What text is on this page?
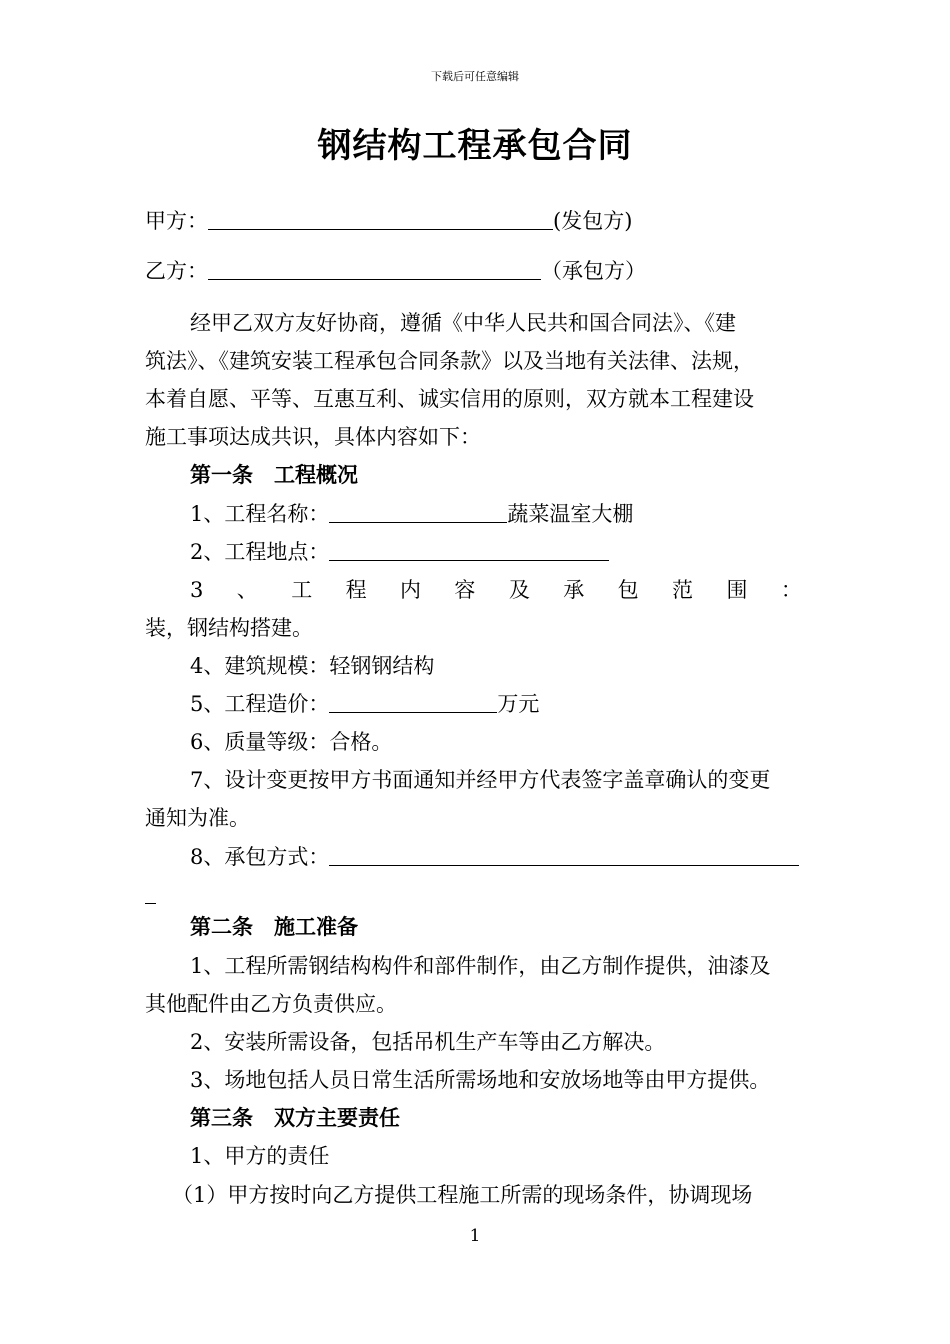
下载后可任意编辑
钢结构工程承包合同
甲方：	(发包方)
乙方：	（承包方）
经甲乙双方友好协商，遵循《中华人民共和国合同法》、《建
筑法》、《建筑安装工程承包合同条款》以及当地有关法律、法规，
本着自愿、平等、互惠互利、诚实信用的原则，双方就本工程建设
施工事项达成共识，具体内容如下：
第一条　工程概况
1、工程名称：	蔬菜温室大棚
2、工程地点：
3 、 工 程 内 容 及 承 包 范 围 ：
装，钢结构搭建。
4、建筑规模：轻钢钢结构
5、工程造价：	万元
6、质量等级：合格。
7、设计变更按甲方书面通知并经甲方代表签字盖章确认的变更
通知为准。
8、承包方式：
第二条　施工准备
1、工程所需钢结构构件和部件制作，由乙方制作提供，油漆及
其他配件由乙方负责供应。
2、安装所需设备，包括吊机生产车等由乙方解决。
3、场地包括人员日常生活所需场地和安放场地等由甲方提供。
第三条　双方主要责任
1、甲方的责任
（1）甲方按时向乙方提供工程施工所需的现场条件，协调现场
1
